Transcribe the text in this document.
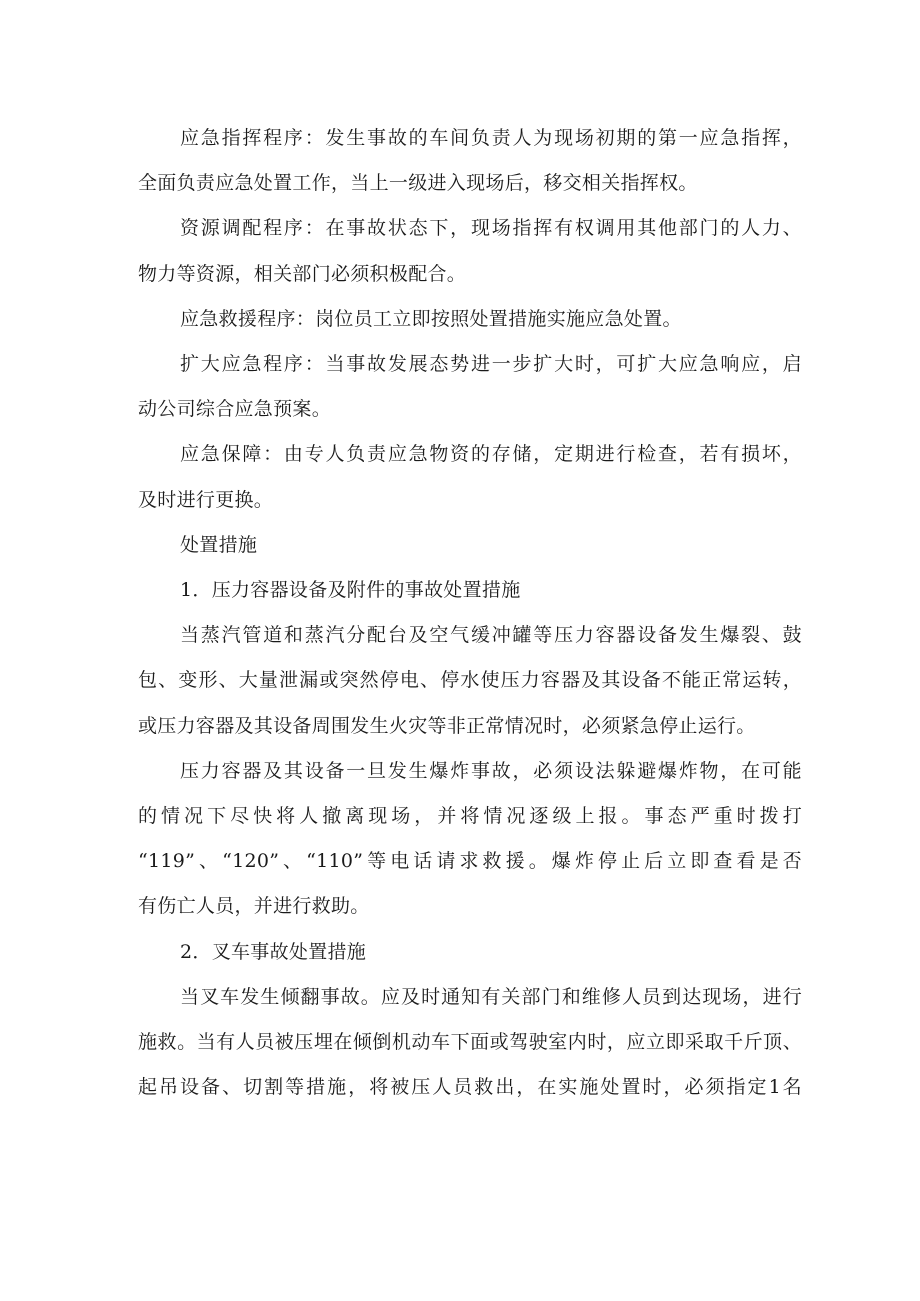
应急指挥程序：发生事故的车间负责人为现场初期的第一应急指挥，
全面负责应急处置工作，当上一级进入现场后，移交相关指挥权。
资源调配程序：在事故状态下，现场指挥有权调用其他部门的人力、
物力等资源，相关部门必须积极配合。
应急救援程序：岗位员工立即按照处置措施实施应急处置。
扩大应急程序：当事故发展态势进一步扩大时，可扩大应急响应，启
动公司综合应急预案。
应急保障：由专人负责应急物资的存储，定期进行检查，若有损坏，
及时进行更换。
处置措施
1．压力容器设备及附件的事故处置措施
当蒸汽管道和蒸汽分配台及空气缓冲罐等压力容器设备发生爆裂、鼓
包、变形、大量泄漏或突然停电、停水使压力容器及其设备不能正常运转，
或压力容器及其设备周围发生火灾等非正常情况时，必须紧急停止运行。
压力容器及其设备一旦发生爆炸事故，必须设法躲避爆炸物，在可能
的情况下尽快将人撤离现场，并将情况逐级上报。事态严重时拨打
“119”、“120”、“110”等电话请求救援。爆炸停止后立即查看是否
有伤亡人员，并进行救助。
2．叉车事故处置措施
当叉车发生倾翻事故。应及时通知有关部门和维修人员到达现场，进行
施救。当有人员被压埋在倾倒机动车下面或驾驶室内时，应立即采取千斤顶、
起吊设备、切割等措施，将被压人员救出，在实施处置时，必须指定1名
